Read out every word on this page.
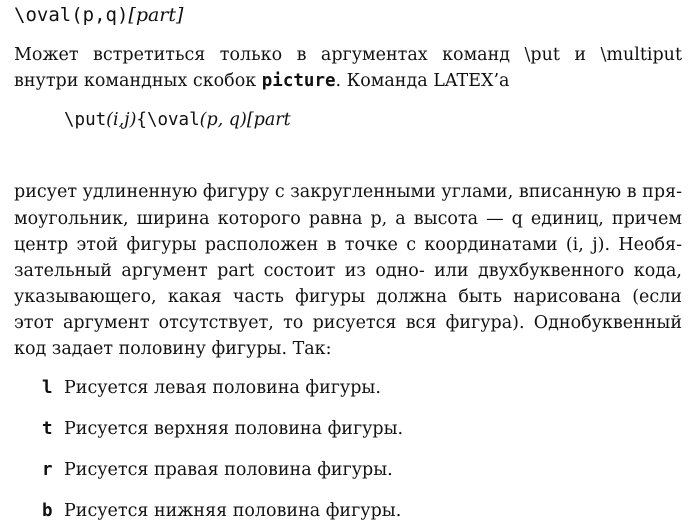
\oval(p,q)[part]
Может встретиться только в аргументах команд \put и \multiput
внутри командных скобок picture. Команда LATEX’а
\put(i,j){\oval(p, q)[part
рисует удлиненную фигуру с закругленными углами, вписанную в пря-
моугольник, ширина которого равна p, а высота — q единиц, причем
центр этой фигуры расположен в точке с координатами (i, j). Необя-
зательный аргумент part состоит из одно- или двухбуквенного кода,
указывающего, какая часть фигуры должна быть нарисована (если
этот аргумент отсутствует, то рисуется вся фигура). Однобуквенный
код задает половину фигуры. Так:
l Рисуется левая половина фигуры.
t Рисуется верхняя половина фигуры.
r Рисуется правая половина фигуры.
b Рисуется нижняя половина фигуры.
